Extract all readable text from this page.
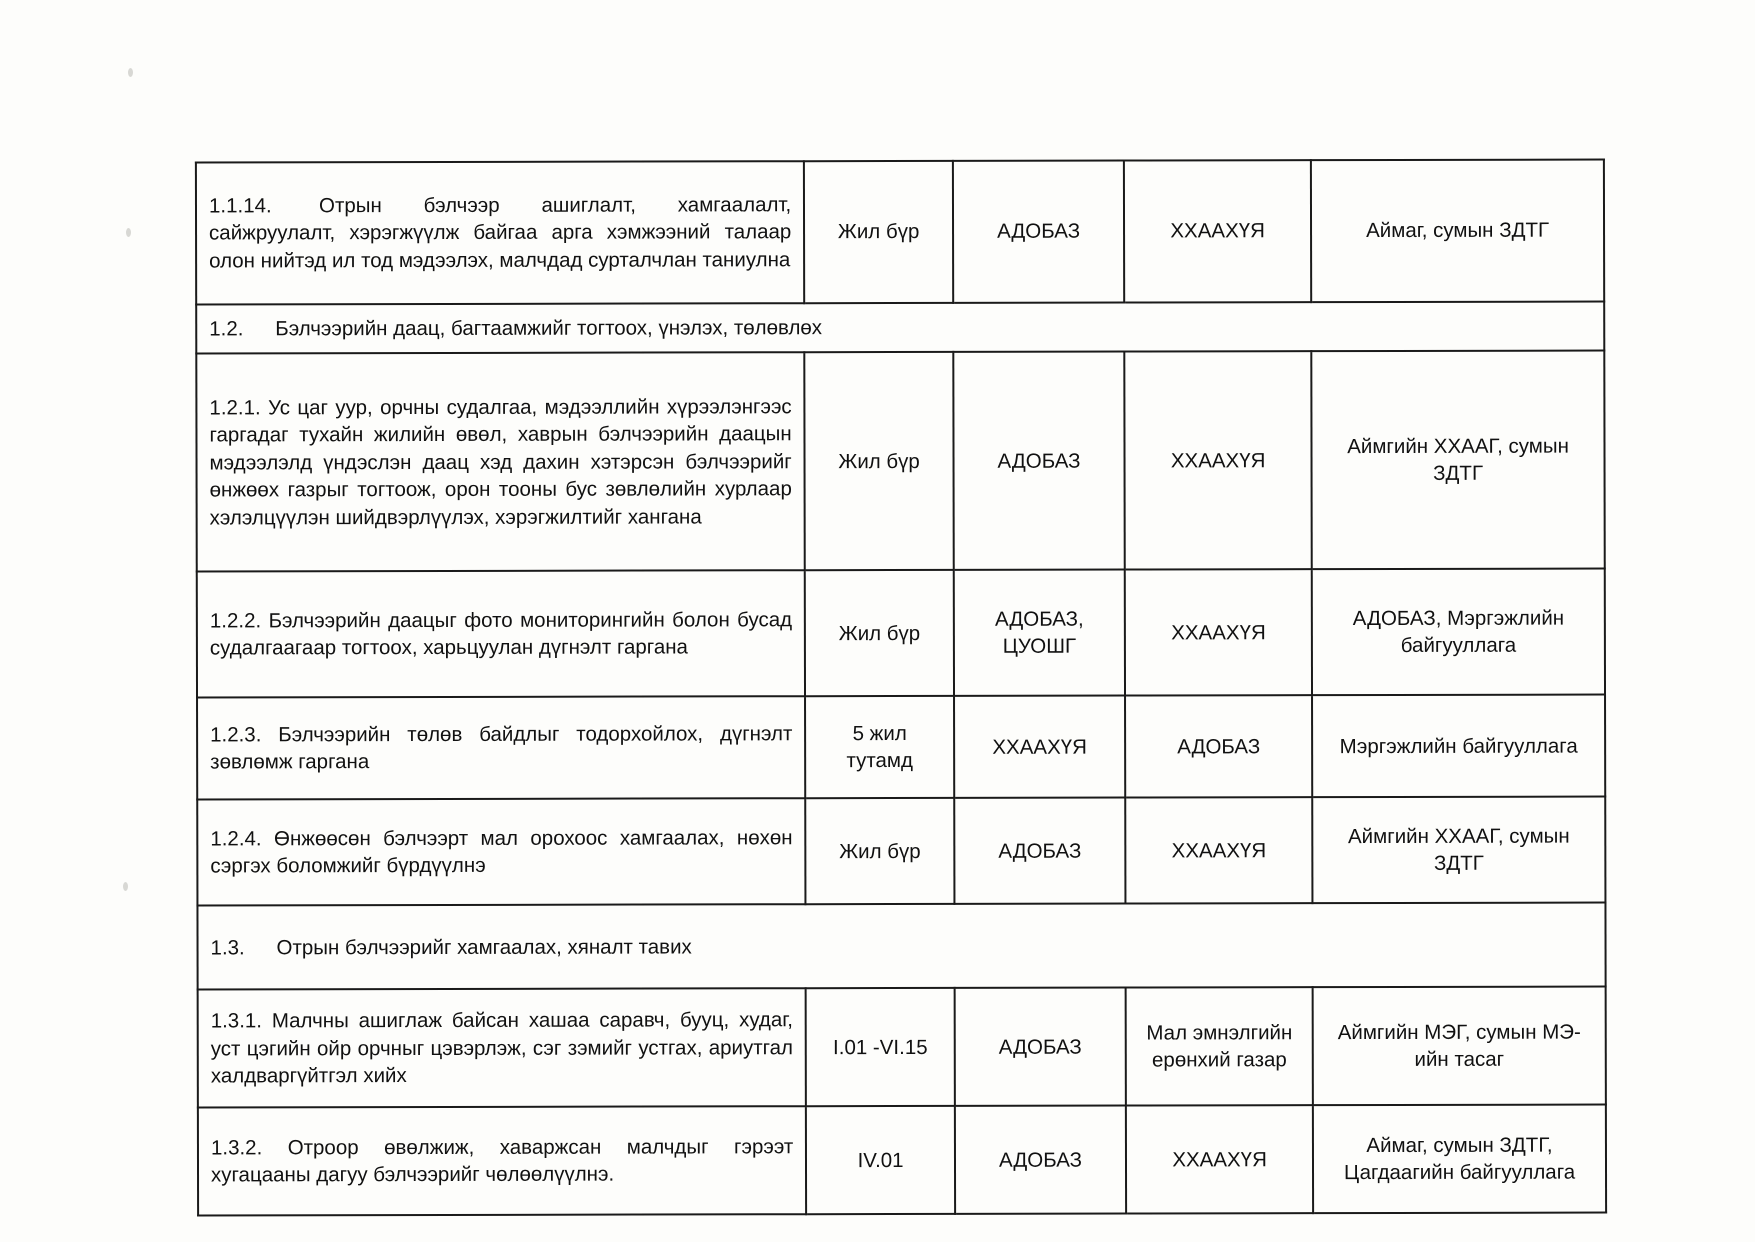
1.1.14. Отрын бэлчээр ашиглалт, хамгаалалт, сайжруулалт, хэрэгжүүлж байгаа арга хэмжээний талаар олон нийтэд ил тод мэдээлэх, малчдад сурталчлан таниулна	Жил бүр	АДОБАЗ	ХХААХҮЯ	Аймаг, сумын ЗДТГ
1.2. Бэлчээрийн даац, багтаамжийг тогтоох, үнэлэх, төлөвлөх				
1.2.1. Ус цаг уур, орчны судалгаа, мэдээллийн хүрээлэнгээс гаргадаг тухайн жилийн өвөл, хаврын бэлчээрийн даацын мэдээлэлд үндэслэн даац хэд дахин хэтэрсэн бэлчээрийг өнжөөх газрыг тогтоож, орон тооны бус зөвлөлийн хурлаар хэлэлцүүлэн шийдвэрлүүлэх, хэрэгжилтийг хангана	Жил бүр	АДОБАЗ	ХХААХҮЯ	Аймгийн ХХААГ, сумын ЗДТГ
1.2.2. Бэлчээрийн даацыг фото мониторингийн болон бусад судалгаагаар тогтоох, харьцуулан дүгнэлт гаргана	Жил бүр	АДОБАЗ, ЦУОШГ	ХХААХҮЯ	АДОБАЗ, Мэргэжлийн байгууллага
1.2.3. Бэлчээрийн төлөв байдлыг тодорхойлох, дүгнэлт зөвлөмж гаргана	5 жил тутамд	ХХААХҮЯ	АДОБАЗ	Мэргэжлийн байгууллага
1.2.4. Өнжөөсөн бэлчээрт мал орохоос хамгаалах, нөхөн сэргэх боломжийг бүрдүүлнэ	Жил бүр	АДОБАЗ	ХХААХҮЯ	Аймгийн ХХААГ, сумын ЗДТГ
1.3. Отрын бэлчээрийг хамгаалах, хяналт тавих				
1.3.1. Малчны ашиглаж байсан хашаа саравч, бууц, худаг, уст цэгийн ойр орчныг цэвэрлэж, сэг зэмийг устгах, ариутгал халдваргүйтгэл хийх	I.01 -VI.15	АДОБАЗ	Мал эмнэлгийн ерөнхий газар	Аймгийн МЭГ, сумын МЭ-ийн тасаг
1.3.2. Отроор өвөлжиж, хаваржсан малчдыг гэрээт хугацааны дагуу бэлчээрийг чөлөөлүүлнэ.	IV.01	АДОБАЗ	ХХААХҮЯ	Аймаг, сумын ЗДТГ, Цагдаагийн байгууллага
